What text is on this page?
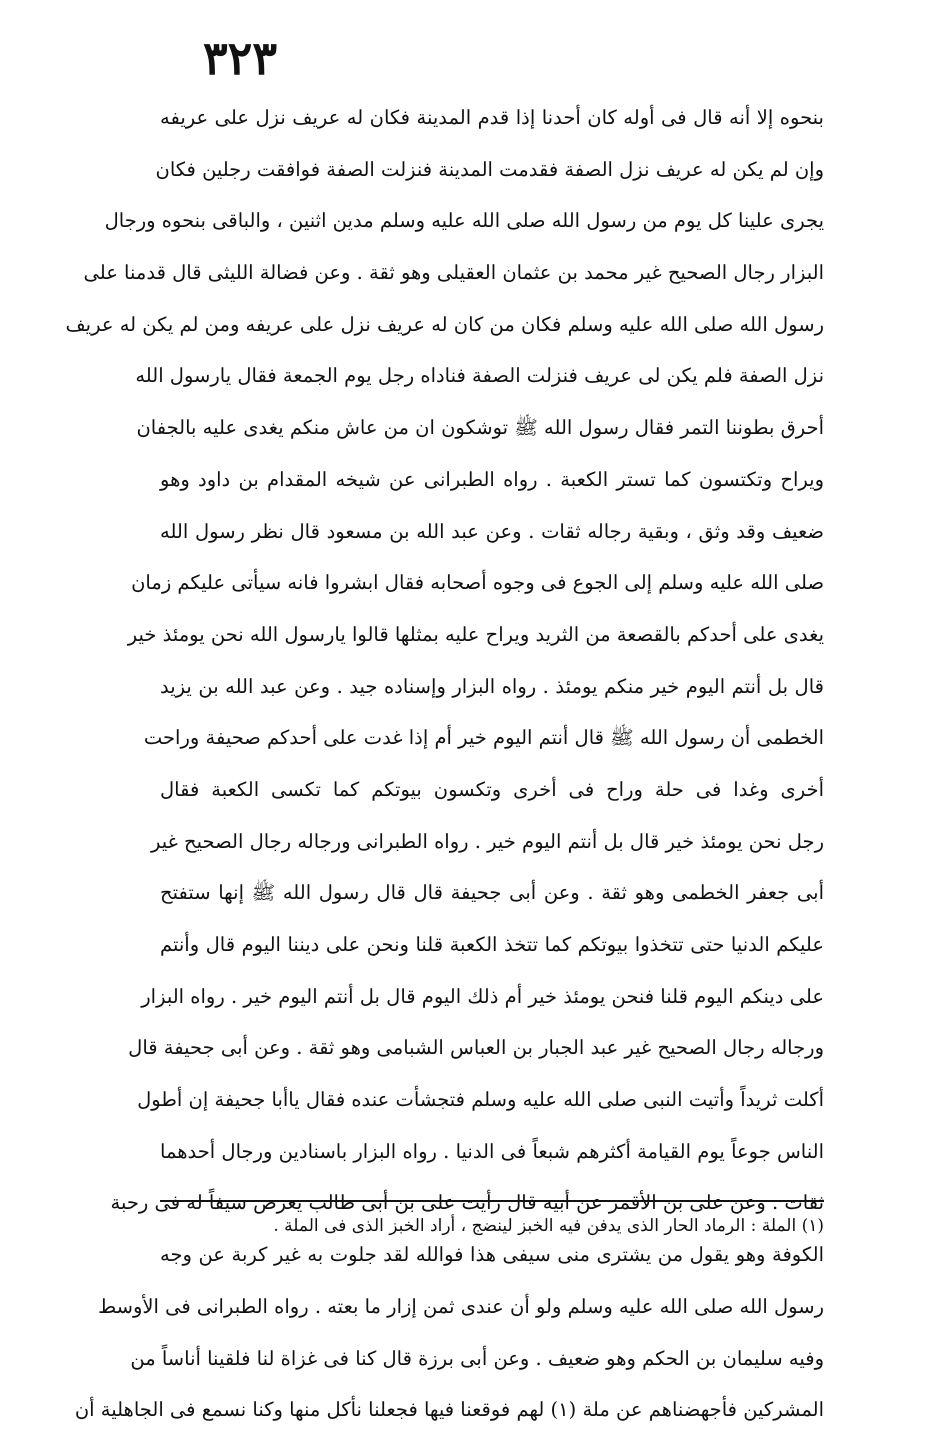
٣٢٣
بنحوه إلا أنه قال فى أوله كان أحدنا إذا قدم المدينة فكان له عريف نزل على عريفه
وإن لم يكن له عريف نزل الصفة فقدمت المدينة فنزلت الصفة فوافقت رجلين فكان
يجرى علينا كل يوم من رسول الله صلى الله عليه وسلم مدين اثنين ، والباقى بنحوه ورجال
البزار رجال الصحيح غير محمد بن عثمان العقيلى وهو ثقة . وعن فضالة الليثى قال قدمنا على
رسول الله صلى الله عليه وسلم فكان من كان له عريف نزل على عريفه ومن لم يكن له عريف
نزل الصفة فلم يكن لى عريف فنزلت الصفة فناداه رجل يوم الجمعة فقال يارسول الله
أحرق بطوننا التمر فقال رسول الله ﷺ توشكون ان من عاش منكم يغدى عليه بالجفان
ويراح وتكتسون كما تستر الكعبة . رواه الطبرانى عن شيخه المقدام بن داود وهو
ضعيف وقد وثق ، وبقية رجاله ثقات . وعن عبد الله بن مسعود قال نظر رسول الله
صلى الله عليه وسلم إلى الجوع فى وجوه أصحابه فقال ابشروا فانه سيأتى عليكم زمان
يغدى على أحدكم بالقصعة من الثريد ويراح عليه بمثلها قالوا يارسول الله نحن يومئذ خير
قال بل أنتم اليوم خير منكم يومئذ . رواه البزار وإسناده جيد . وعن عبد الله بن يزيد
الخطمى أن رسول الله ﷺ قال أنتم اليوم خير أم إذا غدت على أحدكم صحيفة وراحت
أخرى وغدا فى حلة وراح فى أخرى وتكسون بيوتكم كما تكسى الكعبة فقال
رجل نحن يومئذ خير قال بل أنتم اليوم خير . رواه الطبرانى ورجاله رجال الصحيح غير
أبى جعفر الخطمى وهو ثقة . وعن أبى جحيفة قال قال رسول الله ﷺ إنها ستفتح
عليكم الدنيا حتى تتخذوا بيوتكم كما تتخذ الكعبة قلنا ونحن على ديننا اليوم قال وأنتم
على دينكم اليوم قلنا فنحن يومئذ خير أم ذلك اليوم قال بل أنتم اليوم خير . رواه البزار
ورجاله رجال الصحيح غير عبد الجبار بن العباس الشبامى وهو ثقة . وعن أبى جحيفة قال
أكلت ثريداً وأتيت النبى صلى الله عليه وسلم فتجشأت عنده فقال ياأبا جحيفة إن أطول
الناس جوعاً يوم القيامة أكثرهم شبعاً فى الدنيا . رواه البزار باسنادين ورجال أحدهما
ثقات . وعن على بن الأقمر عن أبيه قال رأيت على بن أبى طالب يعرض سيفاً له فى رحبة
الكوفة وهو يقول من يشترى منى سيفى هذا فوالله لقد جلوت به غير كربة عن وجه
رسول الله صلى الله عليه وسلم ولو أن عندى ثمن إزار ما بعته . رواه الطبرانى فى الأوسط
وفيه سليمان بن الحكم وهو ضعيف . وعن أبى برزة قال كنا فى غزاة لنا فلقينا أناساً من
المشركين فأجهضناهم عن ملة (١) لهم فوقعنا فيها فجعلنا نأكل منها وكنا نسمع فى الجاهلية أن
(١) الملة : الرماد الحار الذى يدفن فيه الخبز لينضج ، أراد الخبز الذى فى الملة .
